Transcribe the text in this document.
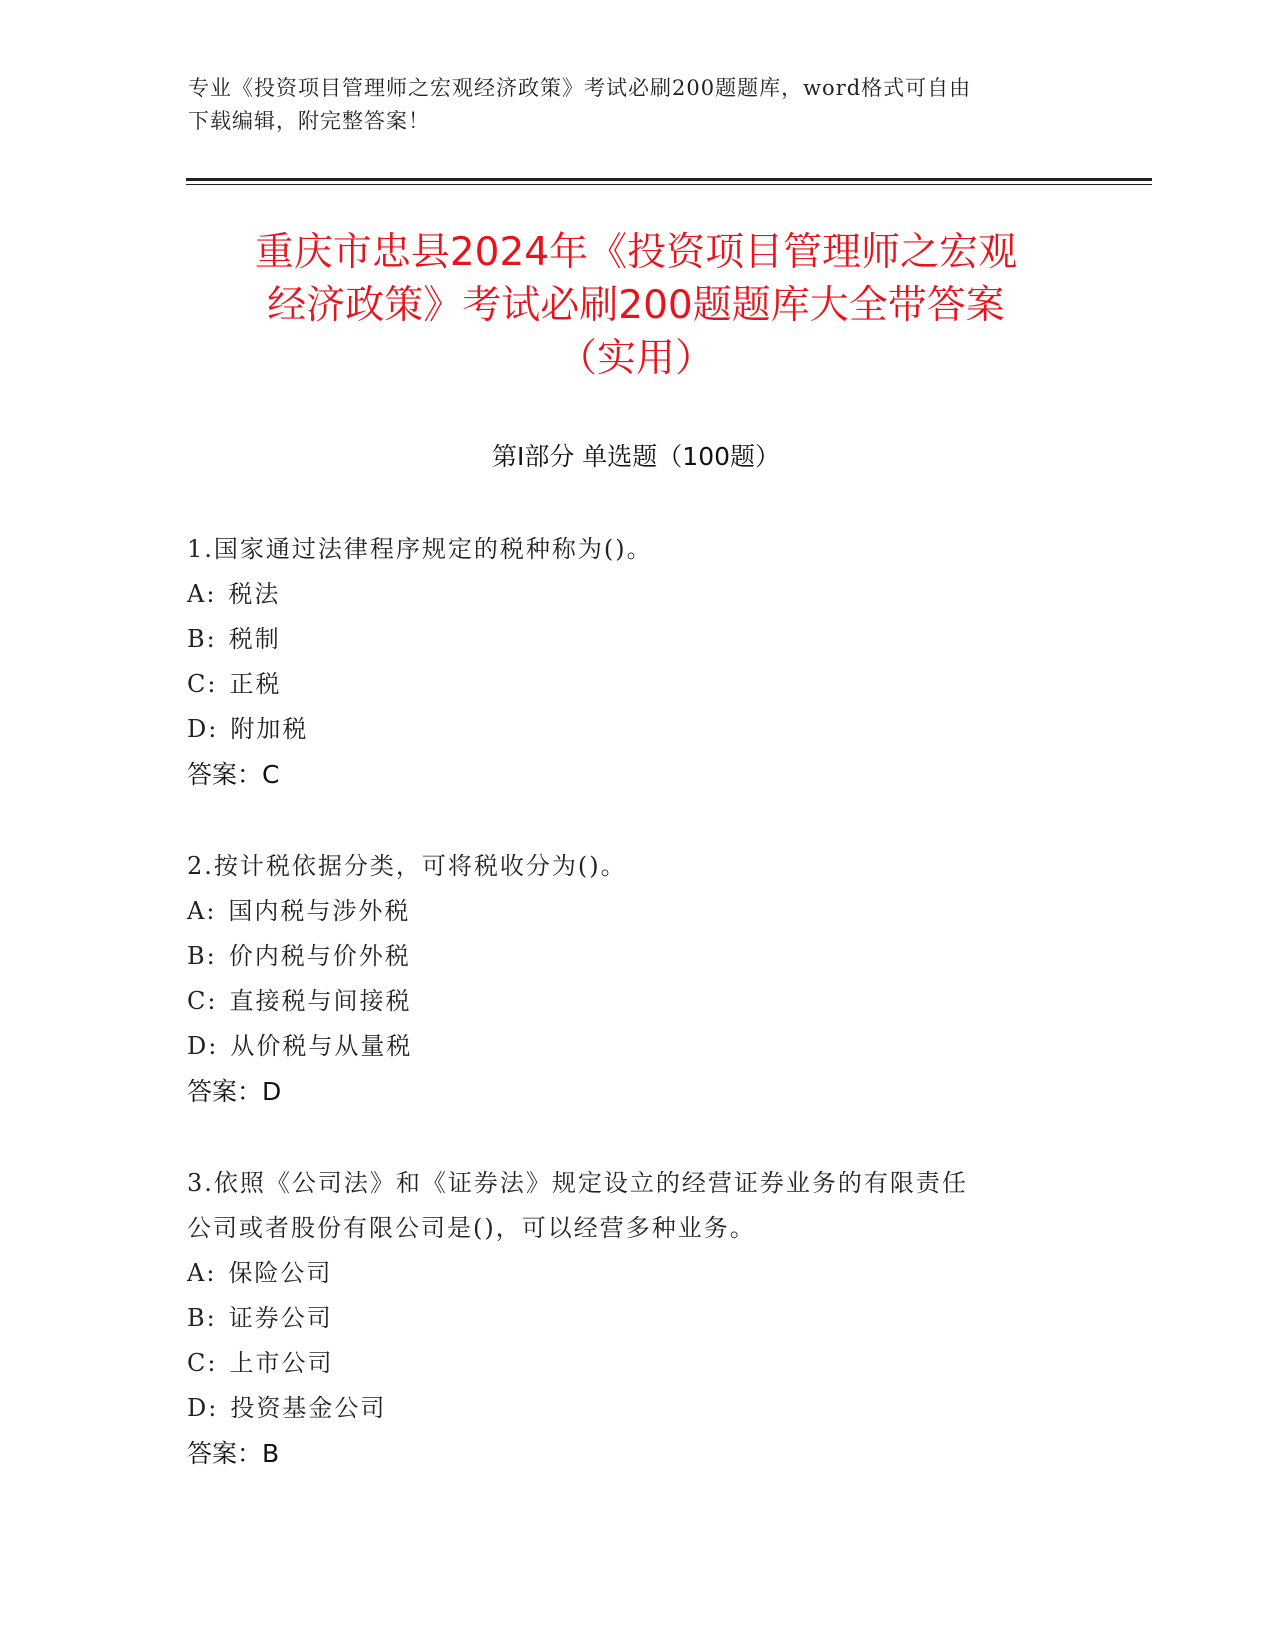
专业《投资项目管理师之宏观经济政策》考试必刷200题题库，word格式可自由
下载编辑，附完整答案！
重庆市忠县2024年《投资项目管理师之宏观
经济政策》考试必刷200题题库大全带答案
（实用）
第Ⅰ部分 单选题（100题）
1.国家通过法律程序规定的税种称为()。
A: 税法
B: 税制
C: 正税
D: 附加税
答案：C
2.按计税依据分类，可将税收分为()。
A: 国内税与涉外税
B: 价内税与价外税
C: 直接税与间接税
D: 从价税与从量税
答案：D
3.依照《公司法》和《证券法》规定设立的经营证券业务的有限责任
公司或者股份有限公司是()，可以经营多种业务。
A: 保险公司
B: 证券公司
C: 上市公司
D: 投资基金公司
答案：B
